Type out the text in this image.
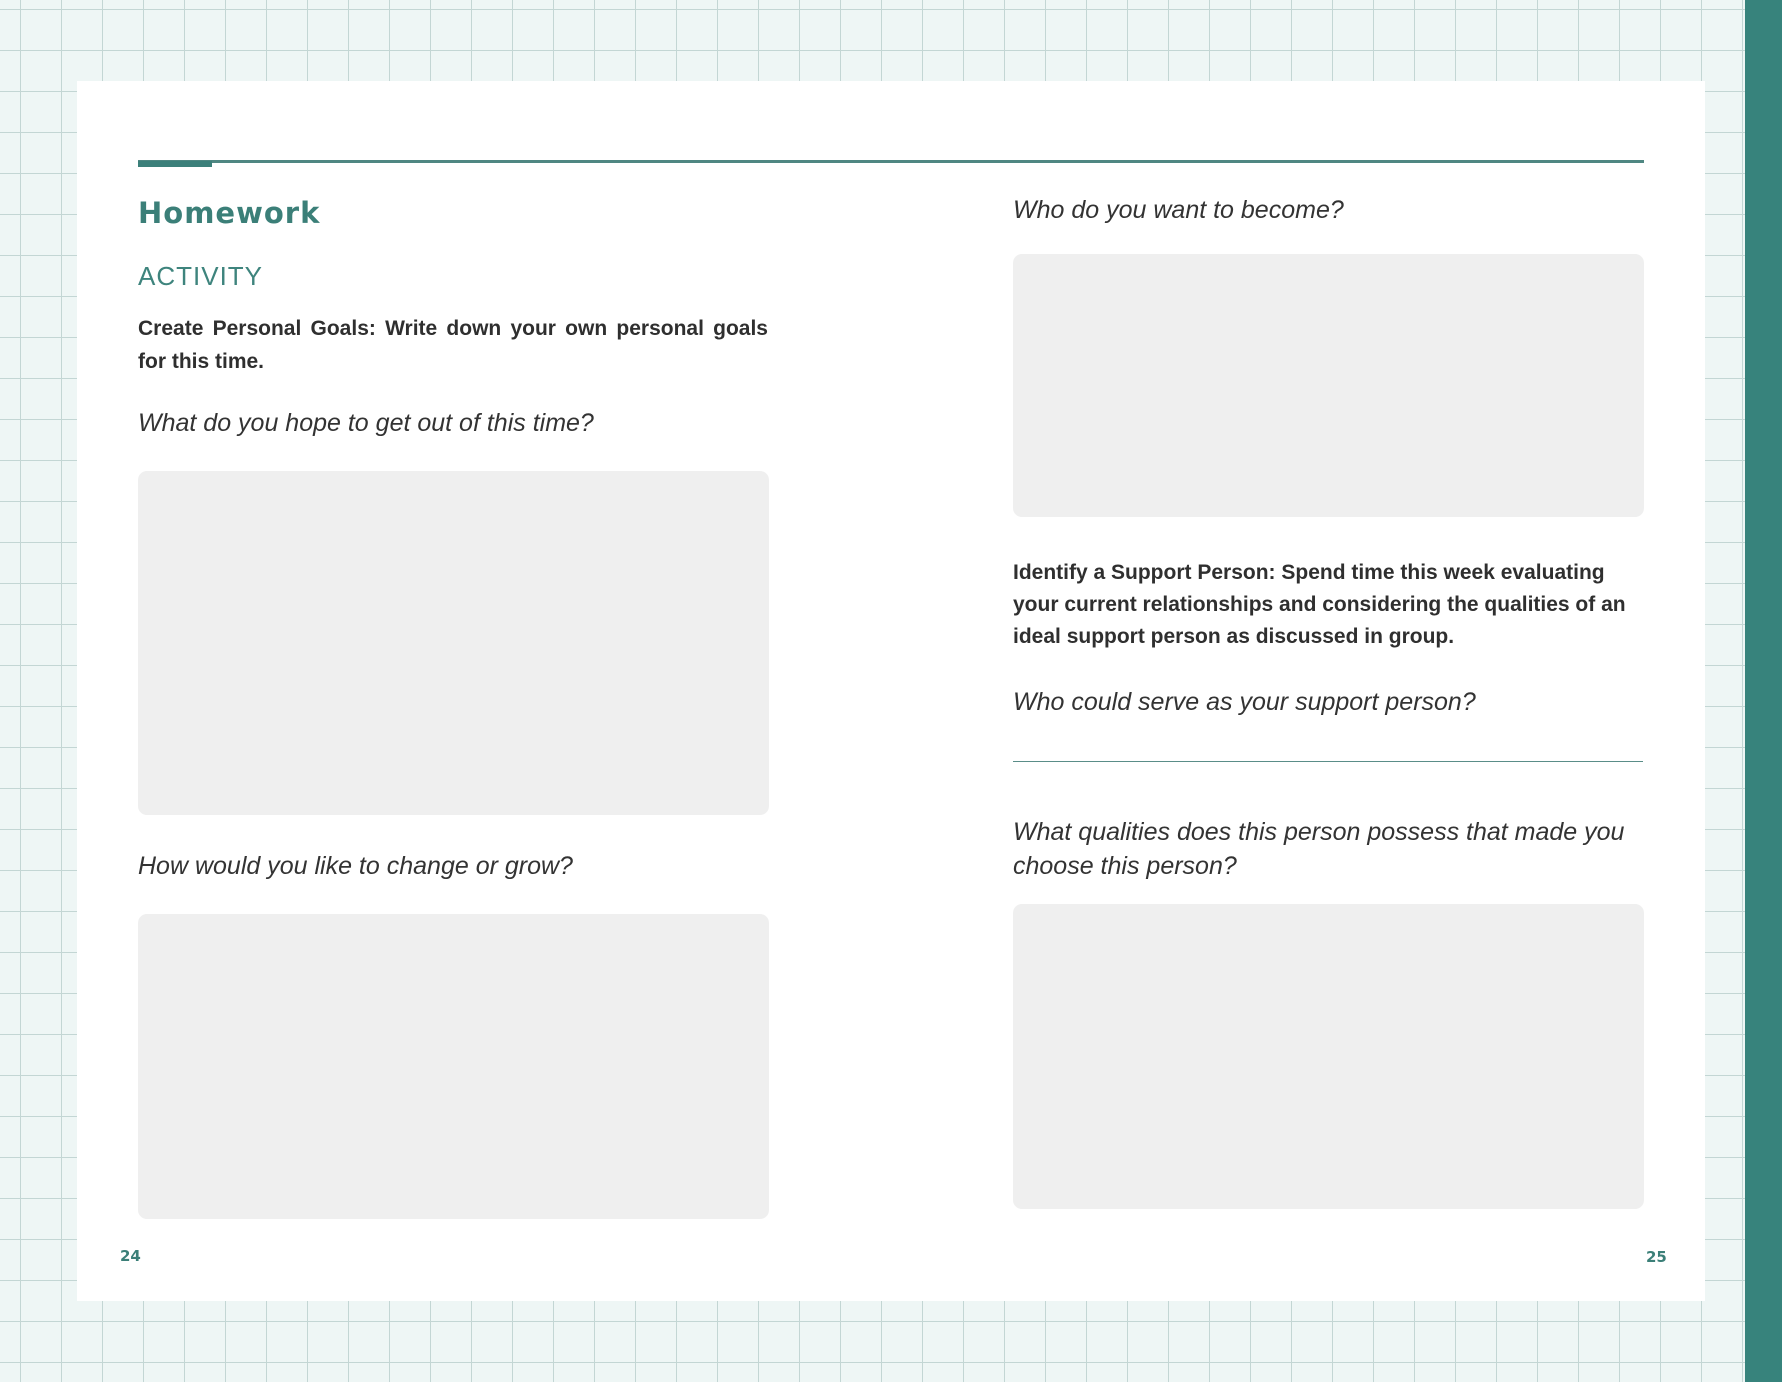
Homework
ACTIVITY

Create Personal Goals: Write down your own personal goals for this time.

What do you hope to get out of this time?

How would you like to change or grow?

Who do you want to become?

Identify a Support Person: Spend time this week evaluating your current relationships and considering the qualities of an ideal support person as discussed in group.

Who could serve as your support person?

What qualities does this person possess that made you choose this person?

24	25
